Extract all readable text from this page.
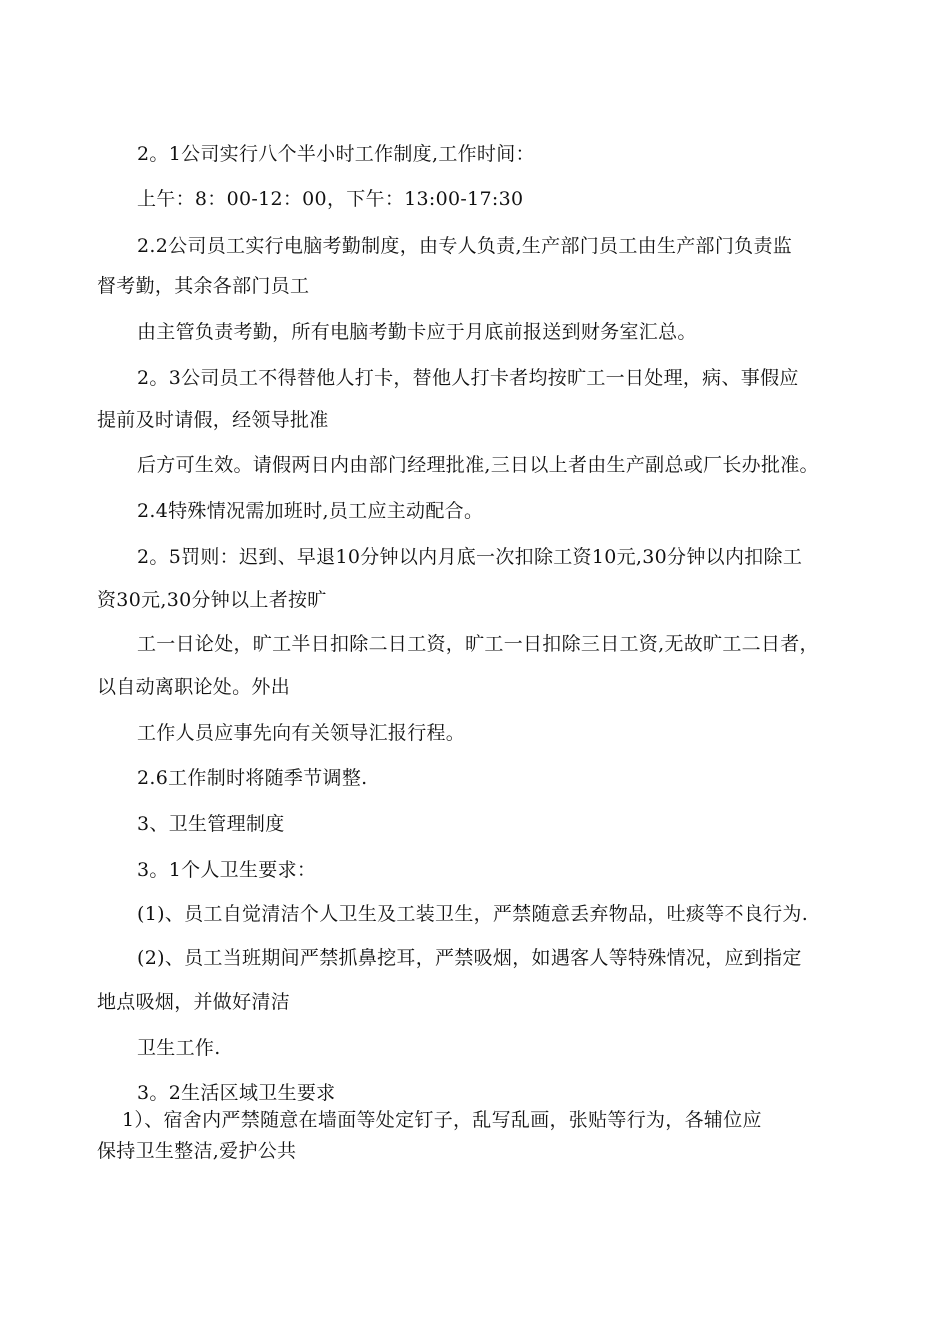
2。1公司实行八个半小时工作制度,工作时间：
上午：8：00-12：00，下午：13:00-17:30
2.2公司员工实行电脑考勤制度，由专人负责,生产部门员工由生产部门负责监
督考勤，其余各部门员工
由主管负责考勤，所有电脑考勤卡应于月底前报送到财务室汇总。
2。3公司员工不得替他人打卡，替他人打卡者均按旷工一日处理，病、事假应
提前及时请假，经领导批准
后方可生效。请假两日内由部门经理批准,三日以上者由生产副总或厂长办批准。
2.4特殊情况需加班时,员工应主动配合。
2。5罚则：迟到、早退10分钟以内月底一次扣除工资10元,30分钟以内扣除工
资30元,30分钟以上者按旷
工一日论处，旷工半日扣除二日工资，旷工一日扣除三日工资,无故旷工二日者，
以自动离职论处。外出
工作人员应事先向有关领导汇报行程。
2.6工作制时将随季节调整.
3、卫生管理制度
3。1个人卫生要求：
(1)、员工自觉清洁个人卫生及工装卫生，严禁随意丢弃物品，吐痰等不良行为.
(2)、员工当班期间严禁抓鼻挖耳，严禁吸烟，如遇客人等特殊情况，应到指定
地点吸烟，并做好清洁
卫生工作.
3。2生活区域卫生要求
1）、宿舍内严禁随意在墙面等处定钉子，乱写乱画，张贴等行为，各辅位应
保持卫生整洁,爱护公共
